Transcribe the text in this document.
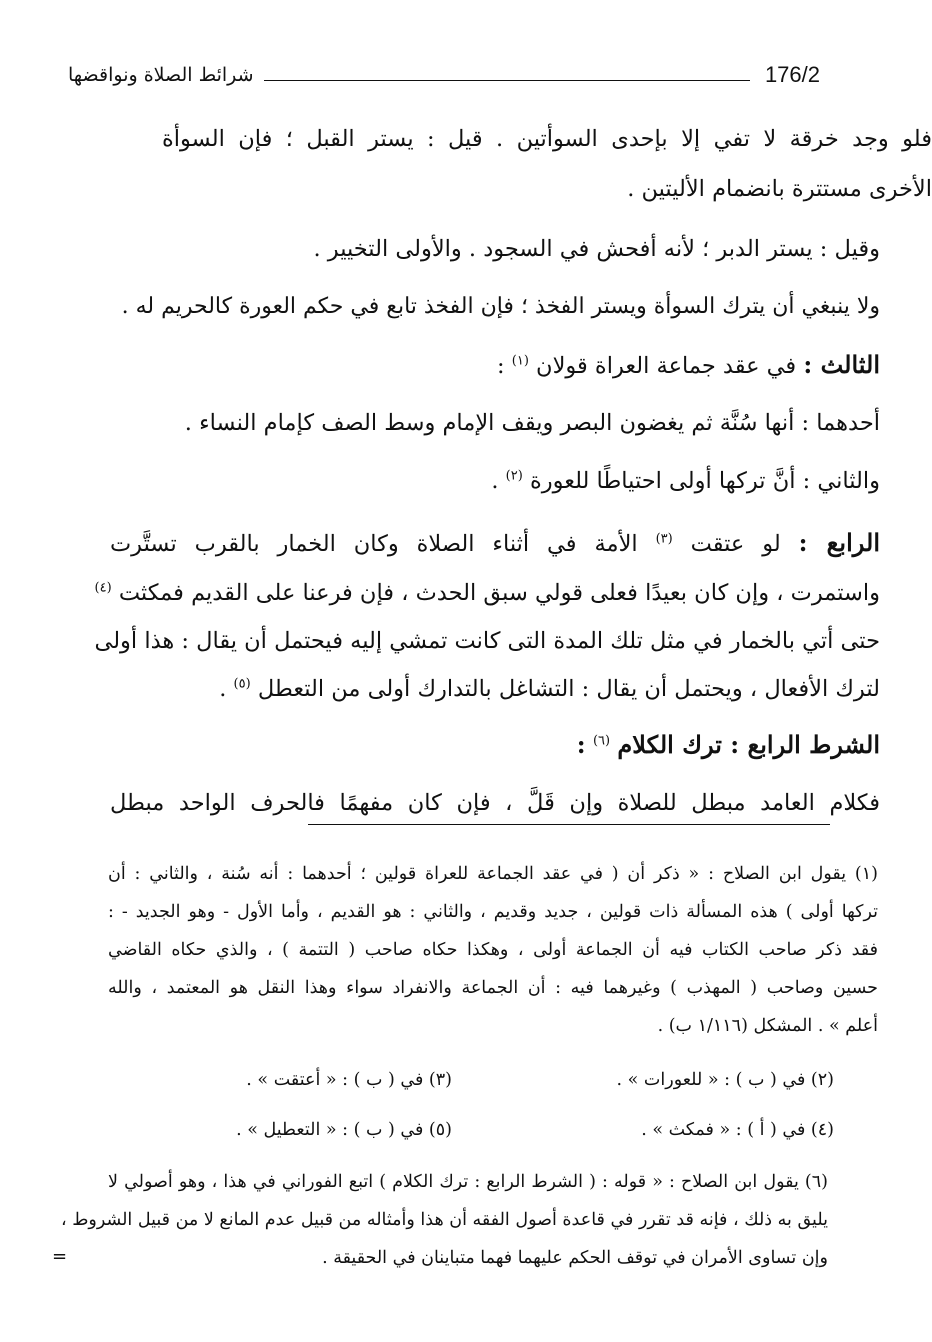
176/2
شرائط الصلاة ونواقضها
فلو وجد خرقة لا تفي إلا بإحدى السوأتين . قيل : يستر القبل ؛ فإن السوأة
الأخرى مستترة بانضمام الأليتين .
وقيل : يستر الدبر ؛ لأنه أفحش في السجود . والأولى التخيير .
ولا ينبغي أن يترك السوأة ويستر الفخذ ؛ فإن الفخذ تابع في حكم العورة كالحريم له .
الثالث : في عقد جماعة العراة قولان $^{(١)}$ :
أحدهما : أنها سُنَّة ثم يغضون البصر ويقف الإمام وسط الصف كإمام النساء .
والثاني : أنَّ تركها أولى احتياطًا للعورة $^{(٢)}$ .
الرابع : لو عتقت $^{(٣)}$ الأمة في أثناء الصلاة وكان الخمار بالقرب تستَّرت
واستمرت ، وإن كان بعيدًا فعلى قولي سبق الحدث ، فإن فرعنا على القديم فمكثت $^{(٤)}$
حتى أتي بالخمار في مثل تلك المدة التى كانت تمشي إليه فيحتمل أن يقال : هذا أولى
لترك الأفعال ، ويحتمل أن يقال : التشاغل بالتدارك أولى من التعطل $^{(٥)}$ .
الشرط الرابع : ترك الكلام $^{(٦)}$ :
فكلام العامد مبطل للصلاة وإن قَلَّ ، فإن كان مفهمًا فالحرف الواحد مبطل
(١) يقول ابن الصلاح : « ذكر أن ( في عقد الجماعة للعراة قولين ؛ أحدهما : أنه سُنة ، والثاني : أن
تركها أولى ) هذه المسألة ذات قولين ، جديد وقديم ، والثاني : هو القديم ، وأما الأول - وهو الجديد - :
فقد ذكر صاحب الكتاب فيه أن الجماعة أولى ، وهكذا حكاه صاحب ( التتمة ) ، والذي حكاه القاضي
حسين وصاحب ( المهذب ) وغيرهما فيه : أن الجماعة والانفراد سواء وهذا النقل هو المعتمد ، والله
أعلم » . المشكل (١/١١٦ ب) .
(٢) في ( ب ) : « للعورات » .
(٣) في ( ب ) : « أعتقت » .
(٤) في ( أ ) : « فمكث » .
(٥) في ( ب ) : « التعطيل » .
(٦) يقول ابن الصلاح : « قوله : ( الشرط الرابع : ترك الكلام ) اتبع الفوراني في هذا ، وهو أصولي لا
يليق به ذلك ، فإنه قد تقرر في قاعدة أصول الفقه أن هذا وأمثاله من قبيل عدم المانع لا من قبيل الشروط ،
وإن تساوى الأمران في توقف الحكم عليهما فهما متباينان في الحقيقة .
=
